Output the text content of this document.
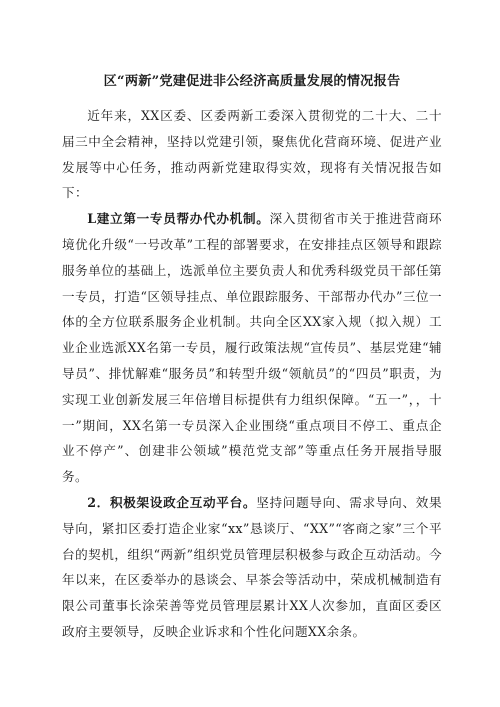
区“两新”党建促进非公经济高质量发展的情况报告

近年来，XX区委、区委两新工委深入贯彻党的二十大、二十届三中全会精神，坚持以党建引领，聚焦优化营商环境、促进产业发展等中心任务，推动两新党建取得实效，现将有关情况报告如下：

L建立第一专员帮办代办机制。深入贯彻省市关于推进营商环境优化升级“一号改革”工程的部署要求，在安排挂点区领导和跟踪服务单位的基础上，选派单位主要负责人和优秀科级党员干部任第一专员，打造“区领导挂点、单位跟踪服务、干部帮办代办”三位一体的全方位联系服务企业机制。共向全区XX家入规（拟入规）工业企业选派XX名第一专员，履行政策法规“宣传员”、基层党建“辅导员”、排忧解难“服务员”和转型升级“领航员”的“四员”职责，为实现工业创新发展三年倍增目标提供有力组织保障。“五一”，，十一”期间，XX名第一专员深入企业围绕“重点项目不停工、重点企业不停产”、创建非公领域”模范党支部”等重点任务开展指导服务。

2．积极架设政企互动平台。坚持问题导向、需求导向、效果导向，紧扣区委打造企业家“xx”恳谈厅、“XX”“客商之家”三个平台的契机，组织“两新”组织党员管理层积极参与政企互动活动。今年以来，在区委举办的恳谈会、早茶会等活动中，荣成机械制造有限公司董事长涂荣善等党员管理层累计XX人次参加，直面区委区政府主要领导，反映企业诉求和个性化问题XX余条。
